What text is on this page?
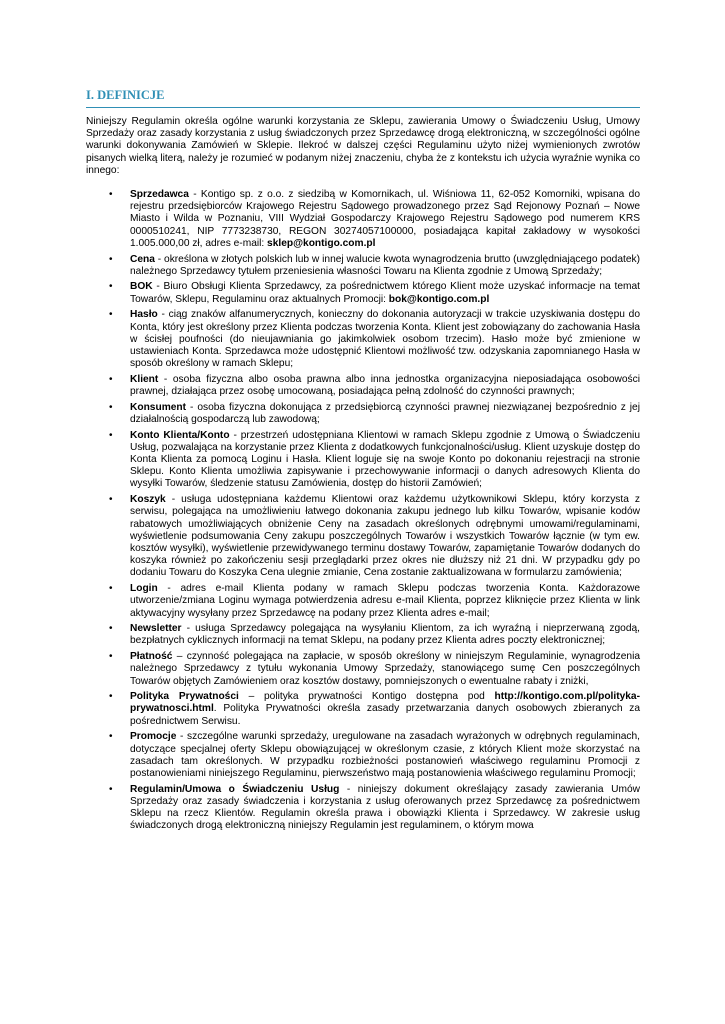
I. DEFINICJE

Niniejszy Regulamin określa ogólne warunki korzystania ze Sklepu, zawierania Umowy o Świadczeniu Usług, Umowy Sprzedaży oraz zasady korzystania z usług świadczonych przez Sprzedawcę drogą elektroniczną, w szczególności ogólne warunki dokonywania Zamówień w Sklepie. Ilekroć w dalszej części Regulaminu użyto niżej wymienionych zwrotów pisanych wielką literą, należy je rozumieć w podanym niżej znaczeniu, chyba że z kontekstu ich użycia wyraźnie wynika co innego:

• Sprzedawca - Kontigo sp. z o.o. z siedzibą w Komornikach, ul. Wiśniowa 11, 62-052 Komorniki, wpisana do rejestru przedsiębiorców Krajowego Rejestru Sądowego prowadzonego przez Sąd Rejonowy Poznań – Nowe Miasto i Wilda w Poznaniu, VIII Wydział Gospodarczy Krajowego Rejestru Sądowego pod numerem KRS 0000510241, NIP 7773238730, REGON 30274057100000, posiadająca kapitał zakładowy w wysokości 1.005.000,00 zł, adres e-mail: sklep@kontigo.com.pl
• Cena - określona w złotych polskich lub w innej walucie kwota wynagrodzenia brutto (uwzględniającego podatek) należnego Sprzedawcy tytułem przeniesienia własności Towaru na Klienta zgodnie z Umową Sprzedaży;
• BOK - Biuro Obsługi Klienta Sprzedawcy, za pośrednictwem którego Klient może uzyskać informacje na temat Towarów, Sklepu, Regulaminu oraz aktualnych Promocji: bok@kontigo.com.pl
• Hasło - ciąg znaków alfanumerycznych, konieczny do dokonania autoryzacji w trakcie uzyskiwania dostępu do Konta, który jest określony przez Klienta podczas tworzenia Konta. Klient jest zobowiązany do zachowania Hasła w ścisłej poufności (do nieujawniania go jakimkolwiek osobom trzecim). Hasło może być zmienione w ustawieniach Konta. Sprzedawca może udostępnić Klientowi możliwość tzw. odzyskania zapomnianego Hasła w sposób określony w ramach Sklepu;
• Klient - osoba fizyczna albo osoba prawna albo inna jednostka organizacyjna nieposiadająca osobowości prawnej, działająca przez osobę umocowaną, posiadająca pełną zdolność do czynności prawnych;
• Konsument - osoba fizyczna dokonująca z przedsiębiorcą czynności prawnej niezwiązanej bezpośrednio z jej działalnością gospodarczą lub zawodową;
• Konto Klienta/Konto - przestrzeń udostępniana Klientowi w ramach Sklepu zgodnie z Umową o Świadczeniu Usług, pozwalająca na korzystanie przez Klienta z dodatkowych funkcjonalności/usług. Klient uzyskuje dostęp do Konta Klienta za pomocą Loginu i Hasła. Klient loguje się na swoje Konto po dokonaniu rejestracji na stronie Sklepu. Konto Klienta umożliwia zapisywanie i przechowywanie informacji o danych adresowych Klienta do wysyłki Towarów, śledzenie statusu Zamówienia, dostęp do historii Zamówień;
• Koszyk - usługa udostępniana każdemu Klientowi oraz każdemu użytkownikowi Sklepu, który korzysta z serwisu, polegająca na umożliwieniu łatwego dokonania zakupu jednego lub kilku Towarów, wpisanie kodów rabatowych umożliwiających obniżenie Ceny na zasadach określonych odrębnymi umowami/regulaminami, wyświetlenie podsumowania Ceny zakupu poszczególnych Towarów i wszystkich Towarów łącznie (w tym ew. kosztów wysyłki), wyświetlenie przewidywanego terminu dostawy Towarów, zapamiętanie Towarów dodanych do koszyka również po zakończeniu sesji przeglądarki przez okres nie dłuższy niż 21 dni. W przypadku gdy po dodaniu Towaru do Koszyka Cena ulegnie zmianie, Cena zostanie zaktualizowana w formularzu zamówienia;
• Login - adres e-mail Klienta podany w ramach Sklepu podczas tworzenia Konta. Każdorazowe utworzenie/zmiana Loginu wymaga potwierdzenia adresu e-mail Klienta, poprzez kliknięcie przez Klienta w link aktywacyjny wysyłany przez Sprzedawcę na podany przez Klienta adres e-mail;
• Newsletter - usługa Sprzedawcy polegająca na wysyłaniu Klientom, za ich wyraźną i nieprzerwaną zgodą, bezpłatnych cyklicznych informacji na temat Sklepu, na podany przez Klienta adres poczty elektronicznej;
• Płatność – czynność polegająca na zapłacie, w sposób określony w niniejszym Regulaminie, wynagrodzenia należnego Sprzedawcy z tytułu wykonania Umowy Sprzedaży, stanowiącego sumę Cen poszczególnych Towarów objętych Zamówieniem oraz kosztów dostawy, pomniejszonych o ewentualne rabaty i zniżki,
• Polityka Prywatności – polityka prywatności Kontigo dostępna pod http://kontigo.com.pl/polityka-prywatnosci.html. Polityka Prywatności określa zasady przetwarzania danych osobowych zbieranych za pośrednictwem Serwisu.
• Promocje - szczególne warunki sprzedaży, uregulowane na zasadach wyrażonych w odrębnych regulaminach, dotyczące specjalnej oferty Sklepu obowiązującej w określonym czasie, z których Klient może skorzystać na zasadach tam określonych. W przypadku rozbieżności postanowień właściwego regulaminu Promocji z postanowieniami niniejszego Regulaminu, pierwszeństwo mają postanowienia właściwego regulaminu Promocji;
• Regulamin/Umowa o Świadczeniu Usług - niniejszy dokument określający zasady zawierania Umów Sprzedaży oraz zasady świadczenia i korzystania z usług oferowanych przez Sprzedawcę za pośrednictwem Sklepu na rzecz Klientów. Regulamin określa prawa i obowiązki Klienta i Sprzedawcy. W zakresie usług świadczonych drogą elektroniczną niniejszy Regulamin jest regulaminem, o którym mowa
